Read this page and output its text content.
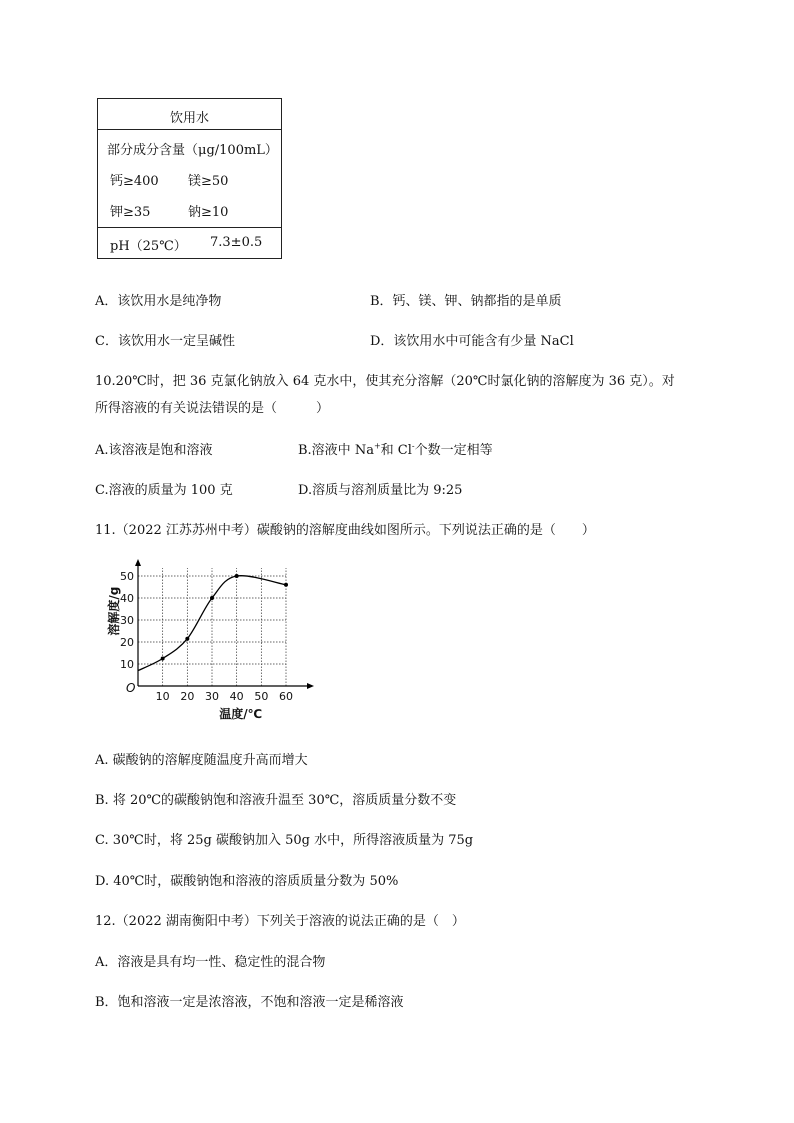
饮用水
部分成分含量（μg/100mL）
钙≥400 镁≥50
钾≥35	钠≥10
pH（25℃） 7.3±0.5
A．该饮用水是纯净物	B．钙、镁、钾、钠都指的是单质
C．该饮用水一定呈碱性	D．该饮用水中可能含有少量 NaCl
10.20℃时，把 36 克氯化钠放入 64 克水中，使其充分溶解（20℃时氯化钠的溶解度为 36 克）。对
所得溶液的有关说法错误的是（　　　）
A.该溶液是饱和溶液	B.溶液中 Na+和 Cl-个数一定相等
C.溶液的质量为 100 克	D.溶质与溶剂质量比为 9:25
11.（2022 江苏苏州中考）碳酸钠的溶解度曲线如图所示。下列说法正确的是（　　）
10 20 30 40 50 60
10
20
30
40
50
O
温度/℃
溶解度/g
A. 碳酸钠的溶解度随温度升高而增大
B. 将 20℃的碳酸钠饱和溶液升温至 30℃，溶质质量分数不变
C. 30℃时，将 25g 碳酸钠加入 50g 水中，所得溶液质量为 75g
D. 40℃时，碳酸钠饱和溶液的溶质质量分数为 50%
12.（2022 湖南衡阳中考）下列关于溶液的说法正确的是（　）
A．溶液是具有均一性、稳定性的混合物
B．饱和溶液一定是浓溶液，不饱和溶液一定是稀溶液
